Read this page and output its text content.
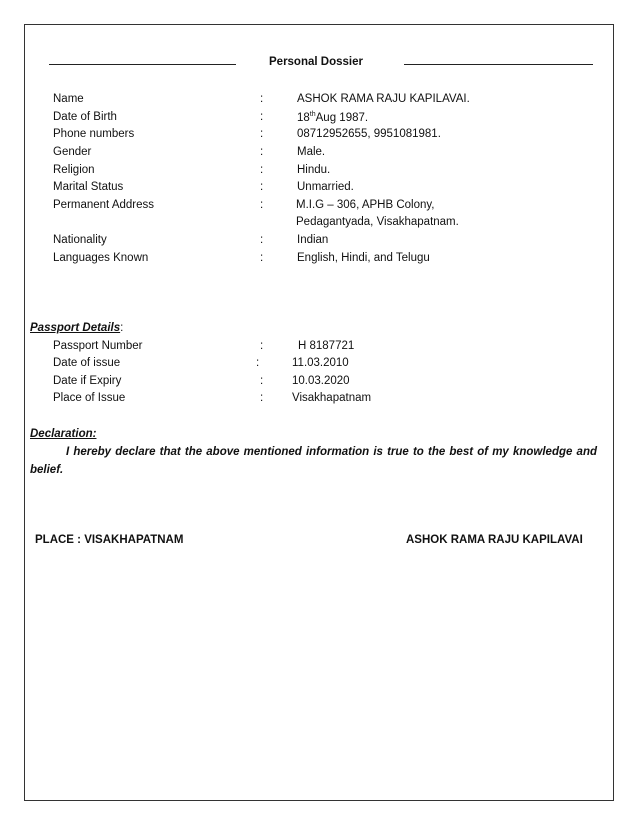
Personal Dossier
Name	:	ASHOK RAMA RAJU KAPILAVAI.
Date of Birth	:	18thAug 1987.
Phone numbers	:	08712952655, 9951081981.
Gender	:	Male.
Religion	:	Hindu.
Marital Status	:	Unmarried.
Permanent Address	:	M.I.G – 306, APHB Colony,
Pedagantyada, Visakhapatnam.
Nationality	:	Indian
Languages Known	:	English, Hindi, and Telugu
Passport Details:
Passport Number	:	H 8187721
Date of issue	:	11.03.2010
Date if Expiry	:	10.03.2020
Place of Issue	:	Visakhapatnam
Declaration:
I hereby declare that the above mentioned information is true to the best of my knowledge and belief.
PLACE : VISAKHAPATNAM	ASHOK RAMA RAJU KAPILAVAI
